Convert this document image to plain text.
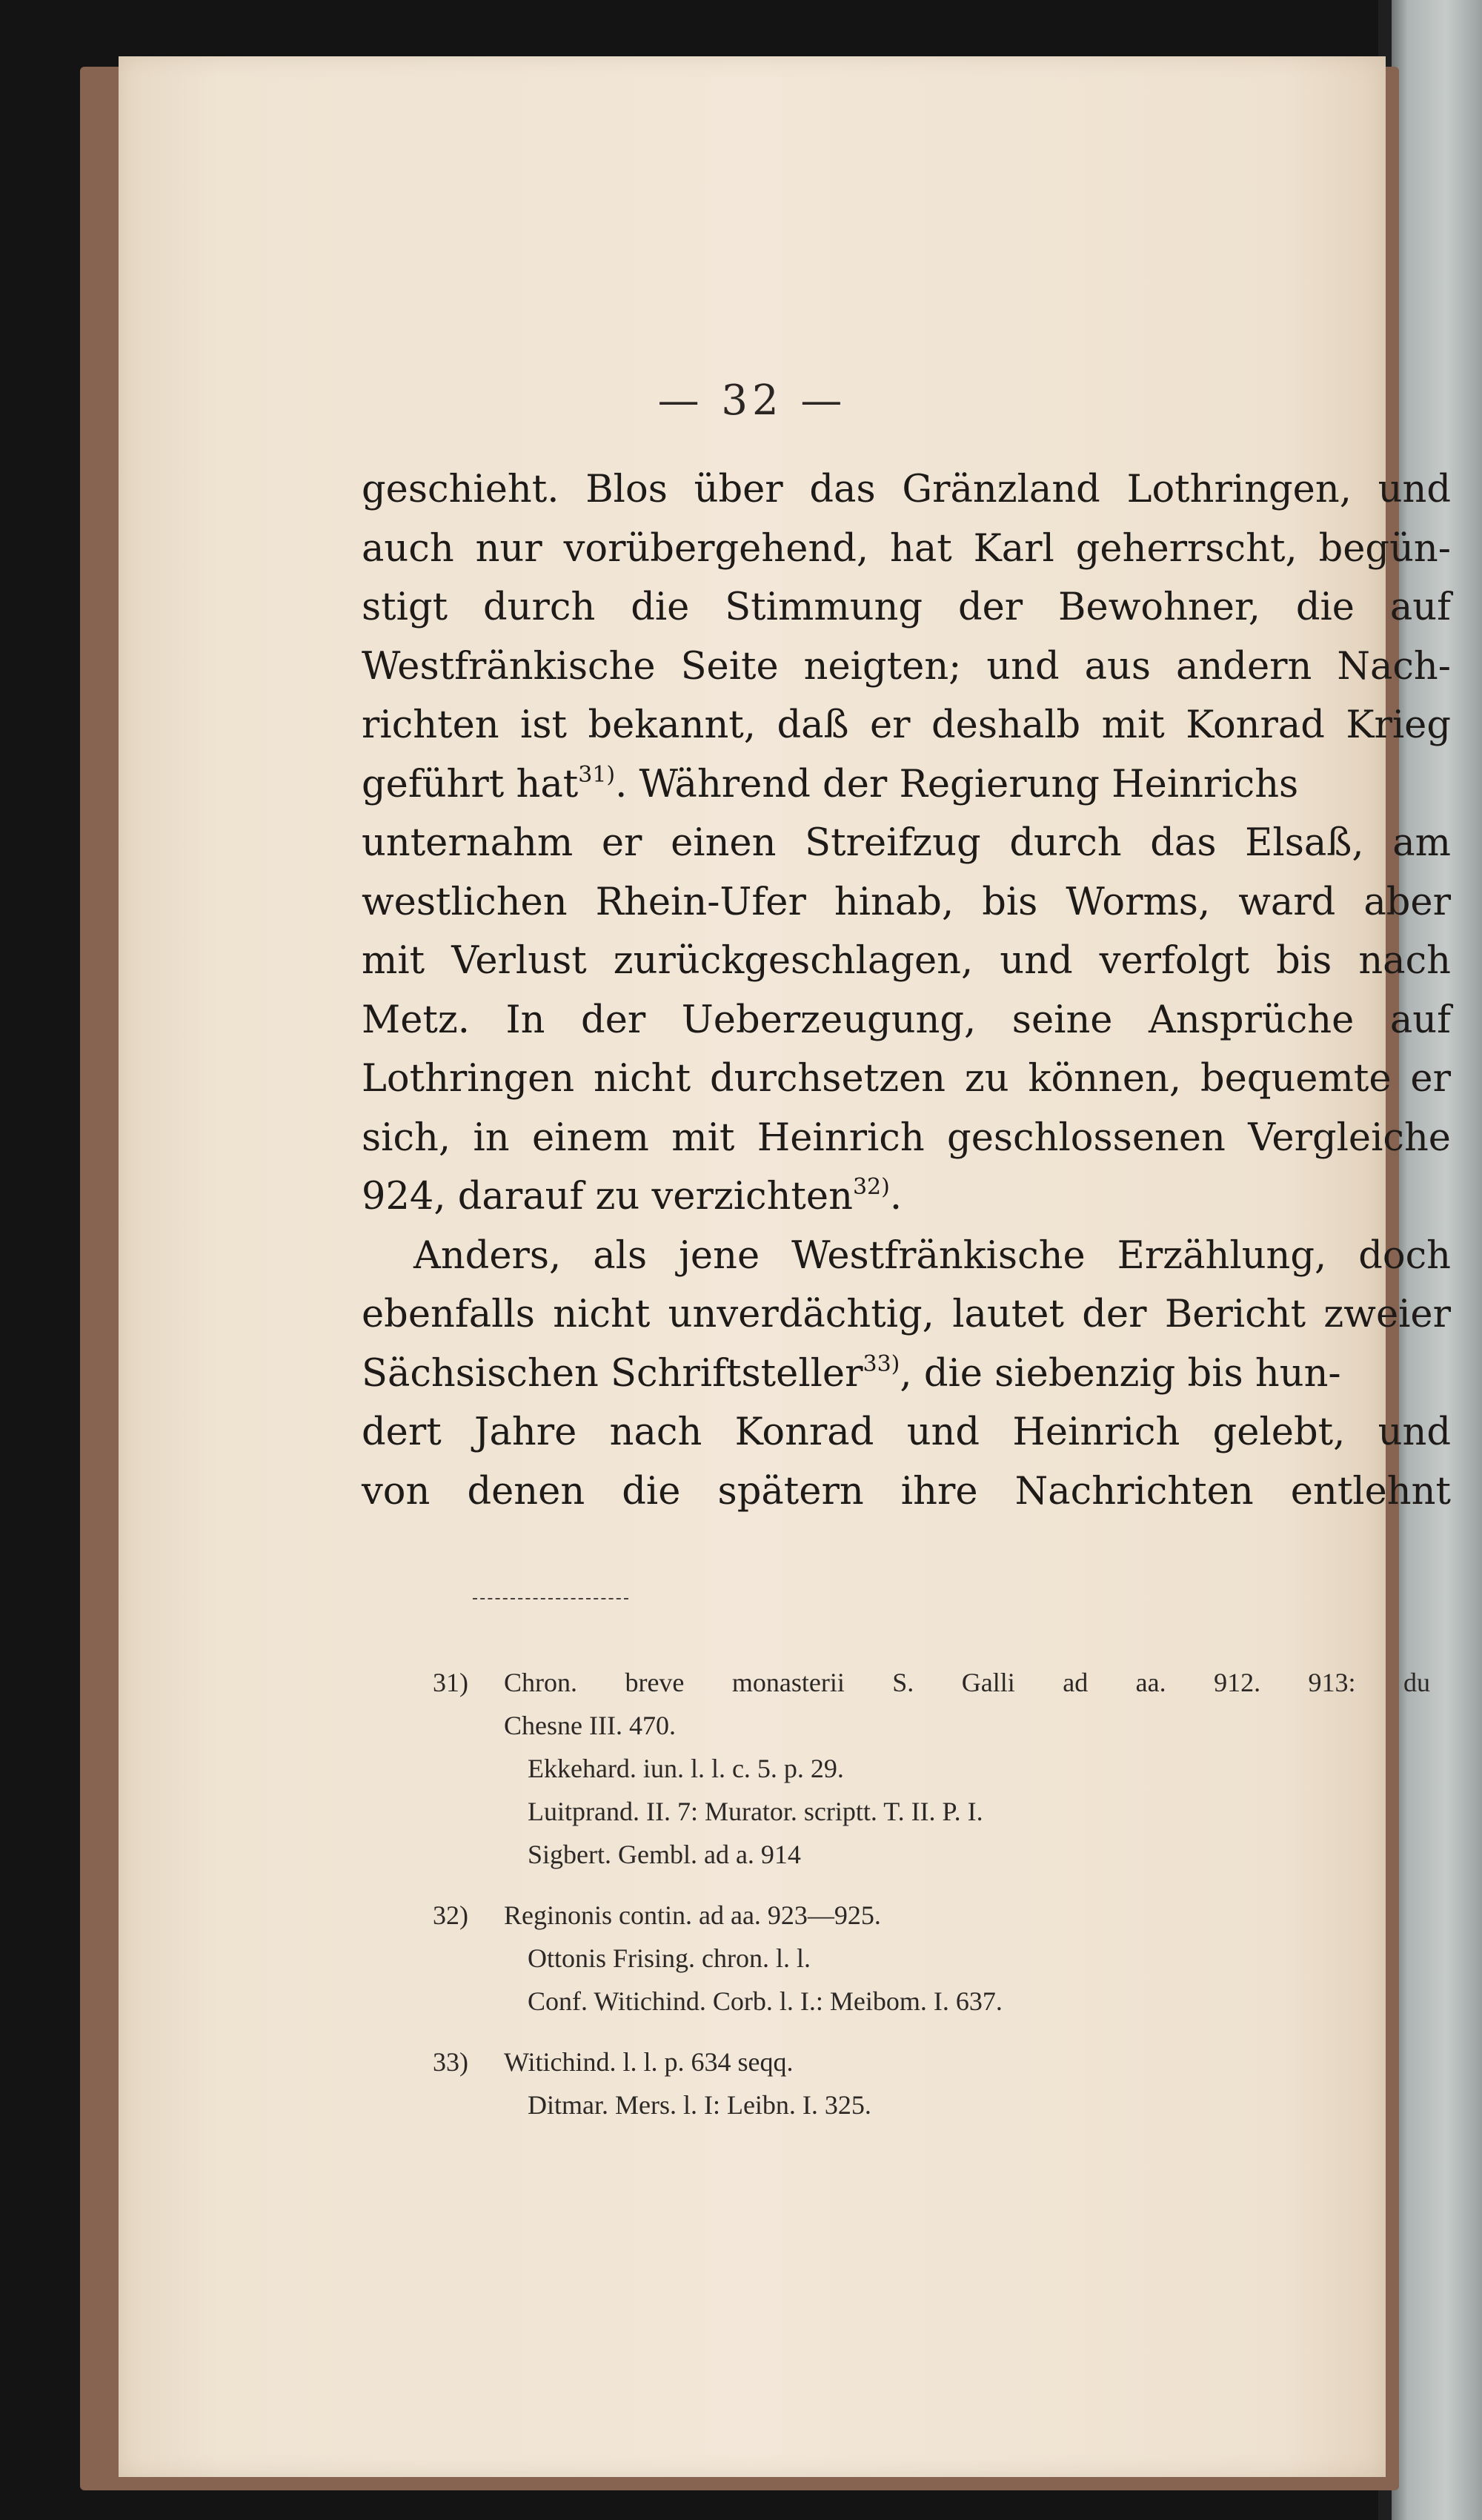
— 32 —
geschieht. Blos über das Gränzland Lothringen, und
auch nur vorübergehend, hat Karl geherrscht, begün-
stigt durch die Stimmung der Bewohner, die auf
Westfränkische Seite neigten; und aus andern Nach-
richten ist bekannt, daß er deshalb mit Konrad Krieg
geführt hat$^{31)}$. Während der Regierung Heinrichs
unternahm er einen Streifzug durch das Elsaß, am
westlichen Rhein-Ufer hinab, bis Worms, ward aber
mit Verlust zurückgeschlagen, und verfolgt bis nach
Metz. In der Ueberzeugung, seine Ansprüche auf
Lothringen nicht durchsetzen zu können, bequemte er
sich, in einem mit Heinrich geschlossenen Vergleiche
924, darauf zu verzichten$^{32)}$.
Anders, als jene Westfränkische Erzählung, doch
ebenfalls nicht unverdächtig, lautet der Bericht zweier
Sächsischen Schriftsteller$^{33)}$, die siebenzig bis hun-
dert Jahre nach Konrad und Heinrich gelebt, und
von denen die spätern ihre Nachrichten entlehnt
31) Chron. breve monasterii S. Galli ad aa. 912. 913: du
Chesne III. 470.
Ekkehard. iun. l. l. c. 5. p. 29.
Luitprand. II. 7: Murator. scriptt. T. II. P. I.
Sigbert. Gembl. ad a. 914
32) Reginonis contin. ad aa. 923—925.
Ottonis Frising. chron. l. l.
Conf. Witichind. Corb. l. I.: Meibom. I. 637.
33) Witichind. l. l. p. 634 seqq.
Ditmar. Mers. l. I: Leibn. I. 325.
